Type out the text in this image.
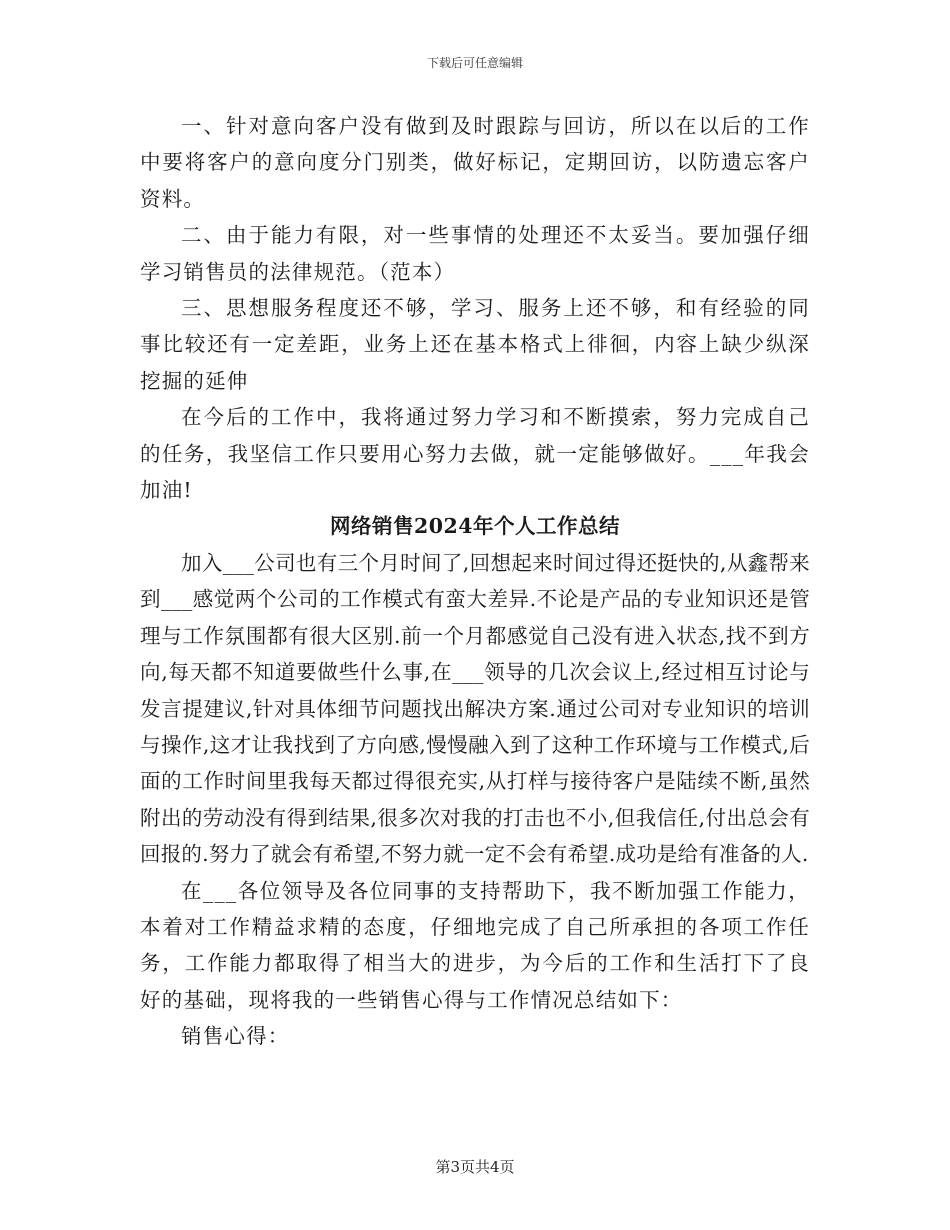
下载后可任意编辑

一、针对意向客户没有做到及时跟踪与回访，所以在以后的工作中要将客户的意向度分门别类，做好标记，定期回访，以防遗忘客户资料。

二、由于能力有限，对一些事情的处理还不太妥当。要加强仔细学习销售员的法律规范。（范本）

三、思想服务程度还不够，学习、服务上还不够，和有经验的同事比较还有一定差距，业务上还在基本格式上徘徊，内容上缺少纵深挖掘的延伸

在今后的工作中，我将通过努力学习和不断摸索，努力完成自己的任务，我坚信工作只要用心努力去做，就一定能够做好。___年我会加油!

网络销售2024年个人工作总结

加入___公司也有三个月时间了,回想起来时间过得还挺快的,从鑫帮来到___感觉两个公司的工作模式有蛮大差异.不论是产品的专业知识还是管理与工作氛围都有很大区别.前一个月都感觉自己没有进入状态,找不到方向,每天都不知道要做些什么事,在___领导的几次会议上,经过相互讨论与发言提建议,针对具体细节问题找出解决方案.通过公司对专业知识的培训与操作,这才让我找到了方向感,慢慢融入到了这种工作环境与工作模式,后面的工作时间里我每天都过得很充实,从打样与接待客户是陆续不断,虽然附出的劳动没有得到结果,很多次对我的打击也不小,但我信任,付出总会有回报的.努力了就会有希望,不努力就一定不会有希望.成功是给有准备的人.

在___各位领导及各位同事的支持帮助下，我不断加强工作能力，本着对工作精益求精的态度，仔细地完成了自己所承担的各项工作任务，工作能力都取得了相当大的进步，为今后的工作和生活打下了良好的基础，现将我的一些销售心得与工作情况总结如下：

销售心得：

第3页共4页
